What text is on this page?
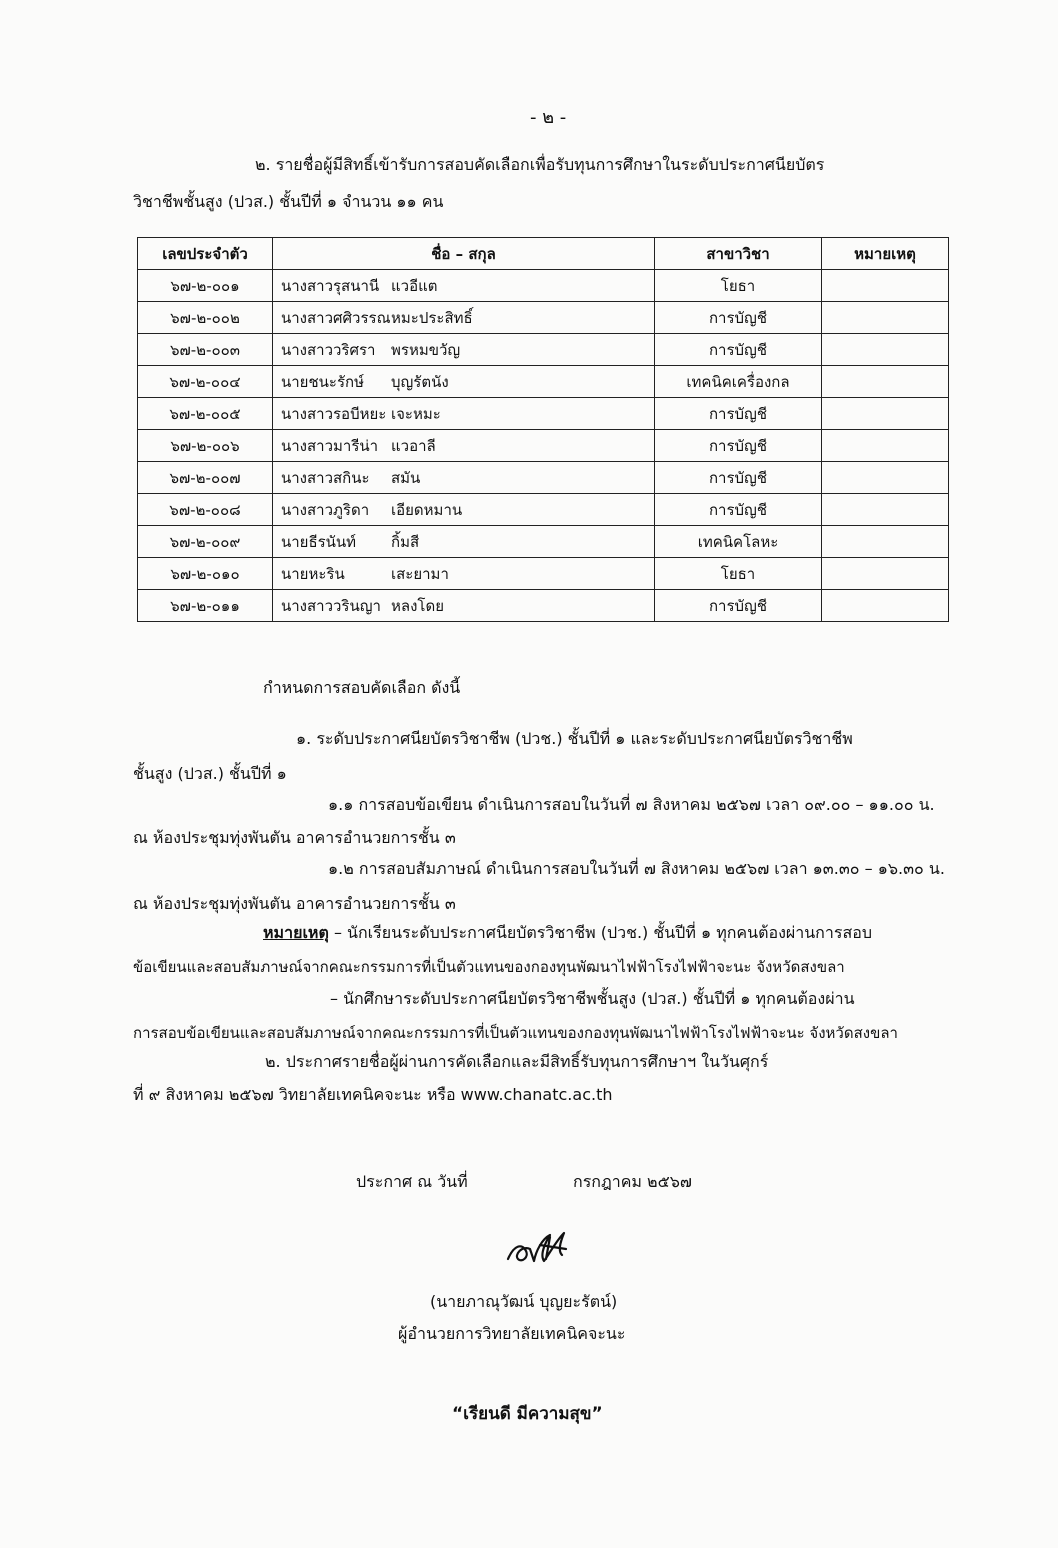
- ๒ -
๒. รายชื่อผู้มีสิทธิ์เข้ารับการสอบคัดเลือกเพื่อรับทุนการศึกษาในระดับประกาศนียบัตร
วิชาชีพชั้นสูง (ปวส.) ชั้นปีที่ ๑ จำนวน ๑๑ คน
เลขประจำตัว	ชื่อ – สกุล	สาขาวิชา	หมายเหตุ
๖๗-๒-๐๐๑	นางสาวรุสนานี แวอีแต	โยธา	
๖๗-๒-๐๐๒	นางสาวศศิวรรณหมะประสิทธิ์	การบัญชี	
๖๗-๒-๐๐๓	นางสาววริศรา พรหมขวัญ	การบัญชี	
๖๗-๒-๐๐๔	นายชนะรักษ์ บุญรัตนัง	เทคนิคเครื่องกล	
๖๗-๒-๐๐๕	นางสาวรอบีหยะ เจะหมะ	การบัญชี	
๖๗-๒-๐๐๖	นางสาวมารีน่า แวอาลี	การบัญชี	
๖๗-๒-๐๐๗	นางสาวสกินะ สมัน	การบัญชี	
๖๗-๒-๐๐๘	นางสาวภูริดา เอียดหมาน	การบัญชี	
๖๗-๒-๐๐๙	นายธีรนันท์ กิ้มสี	เทคนิคโลหะ	
๖๗-๒-๐๑๐	นายหะริน เสะยามา	โยธา	
๖๗-๒-๐๑๑	นางสาววรินญา หลงโดย	การบัญชี	
กำหนดการสอบคัดเลือก ดังนี้
๑. ระดับประกาศนียบัตรวิชาชีพ (ปวช.) ชั้นปีที่ ๑ และระดับประกาศนียบัตรวิชาชีพ
ชั้นสูง (ปวส.) ชั้นปีที่ ๑
๑.๑ การสอบข้อเขียน ดำเนินการสอบในวันที่ ๗ สิงหาคม ๒๕๖๗ เวลา ๐๙.๐๐ – ๑๑.๐๐ น.
ณ ห้องประชุมทุ่งพันตัน อาคารอำนวยการชั้น ๓
๑.๒ การสอบสัมภาษณ์ ดำเนินการสอบในวันที่ ๗ สิงหาคม ๒๕๖๗ เวลา ๑๓.๓๐ – ๑๖.๓๐ น.
ณ ห้องประชุมทุ่งพันตัน อาคารอำนวยการชั้น ๓
หมายเหตุ – นักเรียนระดับประกาศนียบัตรวิชาชีพ (ปวช.) ชั้นปีที่ ๑ ทุกคนต้องผ่านการสอบ
ข้อเขียนและสอบสัมภาษณ์จากคณะกรรมการที่เป็นตัวแทนของกองทุนพัฒนาไฟฟ้าโรงไฟฟ้าจะนะ จังหวัดสงขลา
– นักศึกษาระดับประกาศนียบัตรวิชาชีพชั้นสูง (ปวส.) ชั้นปีที่ ๑ ทุกคนต้องผ่าน
การสอบข้อเขียนและสอบสัมภาษณ์จากคณะกรรมการที่เป็นตัวแทนของกองทุนพัฒนาไฟฟ้าโรงไฟฟ้าจะนะ จังหวัดสงขลา
๒. ประกาศรายชื่อผู้ผ่านการคัดเลือกและมีสิทธิ์รับทุนการศึกษาฯ ในวันศุกร์
ที่ ๙ สิงหาคม ๒๕๖๗ วิทยาลัยเทคนิคจะนะ หรือ www.chanatc.ac.th
ประกาศ ณ วันที่	กรกฎาคม ๒๕๖๗
(นายภาณุวัฒน์ บุญยะรัตน์)
ผู้อำนวยการวิทยาลัยเทคนิคจะนะ
“เรียนดี มีความสุข”
